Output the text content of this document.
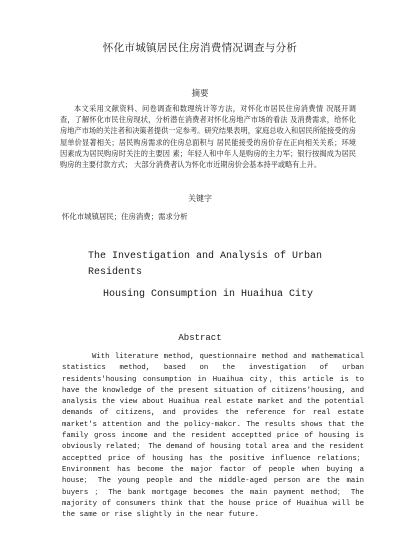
怀化市城镇居民住房消费情况调查与分析
摘要

本文采用文献资料、问卷调查和数理统计等方法，对怀化市居民住房消费情 况展开调查，了解怀化市民住房现状，分析潜在消费者对怀化房地产市场的看法 及消费需求，给怀化房地产市场的关注者和决策者提供一定参考。研究结果表明，家庭总收入和居民所能接受的房屋单价显著相关；居民购房需求的住房总面积与 居民能接受的房价存在正向相关关系；环境因素成为居民购房时关注的主要因 素；年轻人和中年人是购房的主力军；银行按揭成为居民购房的主要付款方式； 大部分消费者认为怀化市近期房价会基本持平或略有上升。

关键字
怀化市城镇居民；住房消费；需求分析
The Investigation and Analysis of Urban
Residents
Housing Consumption in Huaihua City
Abstract

With literature method, questionnaire method and mathematical statistics method, based on the investigation of urban residents'housing consumption in Huaihua city，this article is to have the knowledge of the present situation of citizens'housing, and analysis the view about Huaihua real estate market and the potential demands of citizens, and provides the reference for real estate market's attention and the policy-makcr. The results shows that the family gross income and the resident acceptted price of housing is obviously related； The demand of housing total area and the resident acceptted price of housing has the positive influence relations； Environment has become the major factor of people when buying a house； The young people and the middle-aged person are the main buyers ； The bank mortgage becomes the main payment method； The majority of consumers think that the house price of Huaihua will be the same or rise slightly in the near future.
